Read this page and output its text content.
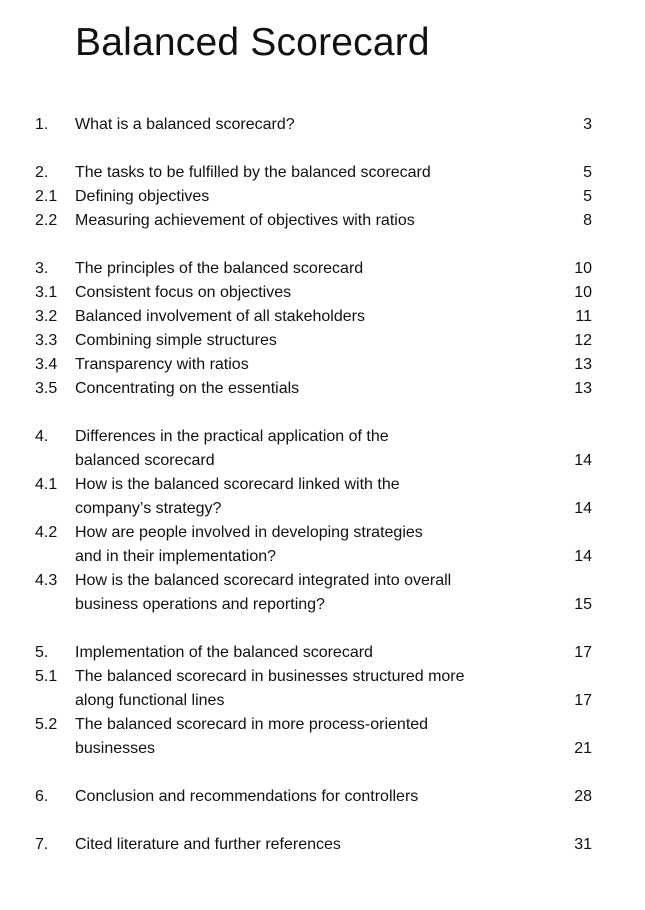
Balanced Scorecard
1. What is a balanced scorecard?	3
2. The tasks to be fulfilled by the balanced scorecard	5
2.1 Defining objectives	5
2.2 Measuring achievement of objectives with ratios	8
3. The principles of the balanced scorecard	10
3.1 Consistent focus on objectives	10
3.2 Balanced involvement of all stakeholders	11
3.3 Combining simple structures	12
3.4 Transparency with ratios	13
3.5 Concentrating on the essentials	13
4. Differences in the practical application of the
balanced scorecard	14
4.1 How is the balanced scorecard linked with the
company’s strategy?	14
4.2 How are people involved in developing strategies
and in their implementation?	14
4.3 How is the balanced scorecard integrated into overall
business operations and reporting?	15
5. Implementation of the balanced scorecard	17
5.1 The balanced scorecard in businesses structured more
along functional lines	17
5.2 The balanced scorecard in more process-oriented
businesses	21
6. Conclusion and recommendations for controllers	28
7. Cited literature and further references	31
